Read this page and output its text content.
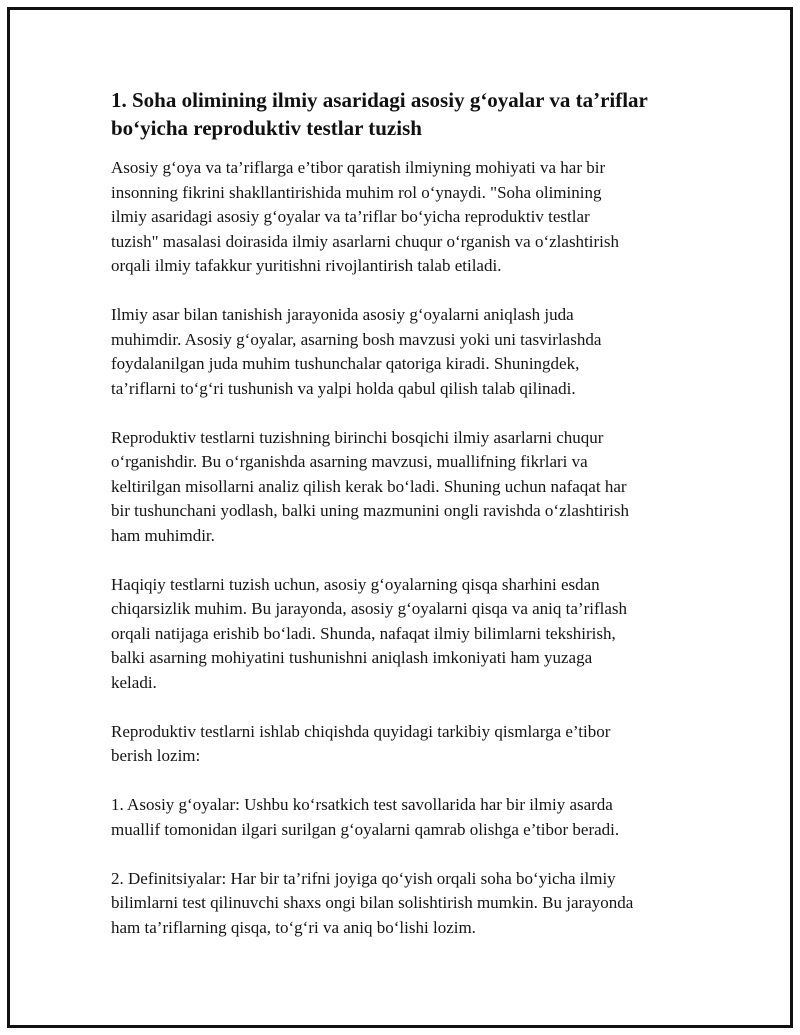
1. Soha olimining ilmiy asaridagi asosiy g‘oyalar va ta’riflar
bo‘yicha reproduktiv testlar tuzish

Asosiy g‘oya va ta’riflarga e’tibor qaratish ilmiyning mohiyati va har bir
insonning fikrini shakllantirishida muhim rol o‘ynaydi. "Soha olimining
ilmiy asaridagi asosiy g‘oyalar va ta’riflar bo‘yicha reproduktiv testlar
tuzish" masalasi doirasida ilmiy asarlarni chuqur o‘rganish va o‘zlashtirish
orqali ilmiy tafakkur yuritishni rivojlantirish talab etiladi.

Ilmiy asar bilan tanishish jarayonida asosiy g‘oyalarni aniqlash juda
muhimdir. Asosiy g‘oyalar, asarning bosh mavzusi yoki uni tasvirlashda
foydalanilgan juda muhim tushunchalar qatoriga kiradi. Shuningdek,
ta’riflarni to‘g‘ri tushunish va yalpi holda qabul qilish talab qilinadi.

Reproduktiv testlarni tuzishning birinchi bosqichi ilmiy asarlarni chuqur
o‘rganishdir. Bu o‘rganishda asarning mavzusi, muallifning fikrlari va
keltirilgan misollarni analiz qilish kerak bo‘ladi. Shuning uchun nafaqat har
bir tushunchani yodlash, balki uning mazmunini ongli ravishda o‘zlashtirish
ham muhimdir.

Haqiqiy testlarni tuzish uchun, asosiy g‘oyalarning qisqa sharhini esdan
chiqarsizlik muhim. Bu jarayonda, asosiy g‘oyalarni qisqa va aniq ta’riflash
orqali natijaga erishib bo‘ladi. Shunda, nafaqat ilmiy bilimlarni tekshirish,
balki asarning mohiyatini tushunishni aniqlash imkoniyati ham yuzaga
keladi.

Reproduktiv testlarni ishlab chiqishda quyidagi tarkibiy qismlarga e’tibor
berish lozim:

1. Asosiy g‘oyalar: Ushbu ko‘rsatkich test savollarida har bir ilmiy asarda
muallif tomonidan ilgari surilgan g‘oyalarni qamrab olishga e’tibor beradi.

2. Definitsiyalar: Har bir ta’rifni joyiga qo‘yish orqali soha bo‘yicha ilmiy
bilimlarni test qilinuvchi shaxs ongi bilan solishtirish mumkin. Bu jarayonda
ham ta’riflarning qisqa, to‘g‘ri va aniq bo‘lishi lozim.
